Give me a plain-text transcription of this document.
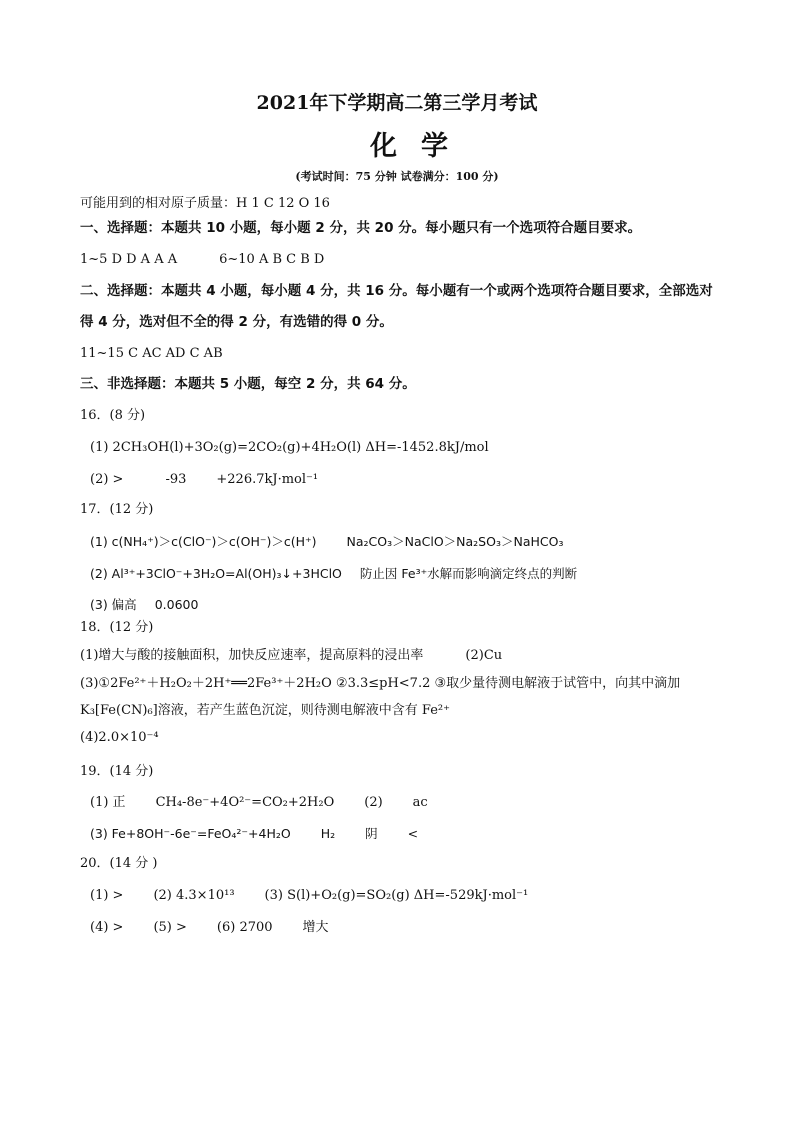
2021年下学期高二第三学月考试
化学
(考试时间：75 分钟 试卷满分：100 分)
可能用到的相对原子质量：H 1 C 12 O 16
一、选择题：本题共 10 小题，每小题 2 分，共 20 分。每小题只有一个选项符合题目要求。
1~5 D D A A A	6~10 A B C B D
二、选择题：本题共 4 小题，每小题 4 分，共 16 分。每小题有一个或两个选项符合题目要求，全部选对
得 4 分，选对但不全的得 2 分，有选错的得 0 分。
11~15 C AC AD C AB
三、非选择题：本题共 5 小题，每空 2 分，共 64 分。
16．(8 分)
(1) 2CH₃OH(l)+3O₂(g)=2CO₂(g)+4H₂O(l) ΔH=-1452.8kJ/mol
(2) >	-93 +226.7kJ·mol⁻¹
17．(12 分)
(1) c(NH₄⁺)＞c(ClO⁻)＞c(OH⁻)＞c(H⁺) Na₂CO₃＞NaClO＞Na₂SO₃＞NaHCO₃
(2) Al³⁺+3ClO⁻+3H₂O=Al(OH)₃↓+3HClO 防止因 Fe³⁺水解而影响滴定终点的判断
(3) 偏高 0.0600
18．(12 分)
(1)增大与酸的接触面积，加快反应速率，提高原料的浸出率	(2)Cu
(3)①2Fe²⁺＋H₂O₂＋2H⁺══2Fe³⁺＋2H₂O ②3.3≤pH<7.2 ③取少量待测电解液于试管中，向其中滴加
K₃[Fe(CN)₆]溶液，若产生蓝色沉淀，则待测电解液中含有 Fe²⁺
(4)2.0×10⁻⁴
19．(14 分)
(1) 正 CH₄-8e⁻+4O²⁻=CO₂+2H₂O (2) ac
(3) Fe+8OH⁻-6e⁻=FeO₄²⁻+4H₂O H₂ 阴 <
20．(14 分 )
(1) > (2) 4.3×10¹³ (3) S(l)+O₂(g)=SO₂(g) ΔH=-529kJ·mol⁻¹
(4) > (5) > (6) 2700 增大
